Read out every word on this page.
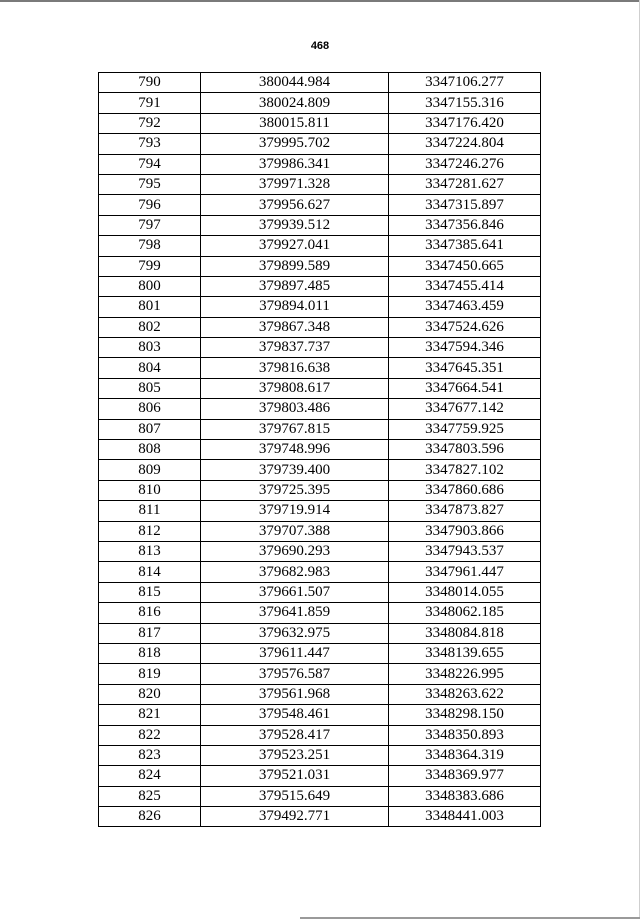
468
790	380044.984	3347106.277
791	380024.809	3347155.316
792	380015.811	3347176.420
793	379995.702	3347224.804
794	379986.341	3347246.276
795	379971.328	3347281.627
796	379956.627	3347315.897
797	379939.512	3347356.846
798	379927.041	3347385.641
799	379899.589	3347450.665
800	379897.485	3347455.414
801	379894.011	3347463.459
802	379867.348	3347524.626
803	379837.737	3347594.346
804	379816.638	3347645.351
805	379808.617	3347664.541
806	379803.486	3347677.142
807	379767.815	3347759.925
808	379748.996	3347803.596
809	379739.400	3347827.102
810	379725.395	3347860.686
811	379719.914	3347873.827
812	379707.388	3347903.866
813	379690.293	3347943.537
814	379682.983	3347961.447
815	379661.507	3348014.055
816	379641.859	3348062.185
817	379632.975	3348084.818
818	379611.447	3348139.655
819	379576.587	3348226.995
820	379561.968	3348263.622
821	379548.461	3348298.150
822	379528.417	3348350.893
823	379523.251	3348364.319
824	379521.031	3348369.977
825	379515.649	3348383.686
826	379492.771	3348441.003
